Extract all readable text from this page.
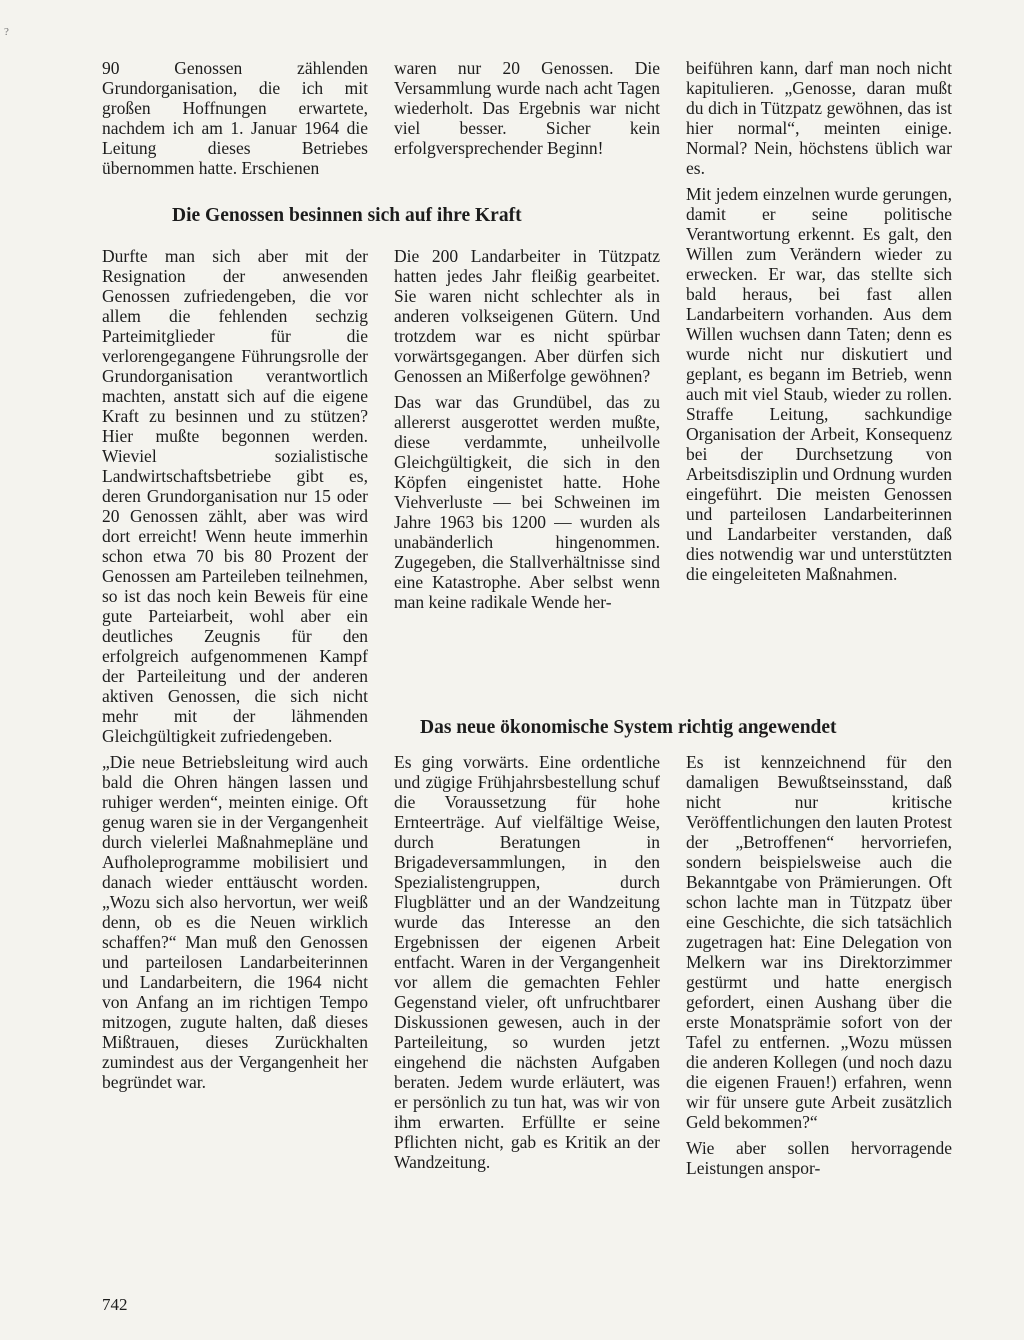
?

90 Genossen zählenden Grundorganisation, die ich mit großen Hoffnungen erwartete, nachdem ich am 1. Januar 1964 die Leitung dieses Betriebes übernommen hatte. Erschienen

waren nur 20 Genossen. Die Versammlung wurde nach acht Tagen wiederholt. Das Ergebnis war nicht viel besser. Sicher kein erfolgversprechender Beginn!

Die Genossen besinnen sich auf ihre Kraft

Durfte man sich aber mit der Resignation der anwesenden Genossen zufriedengeben, die vor allem die fehlenden sechzig Parteimitglieder für die verlorengegangene Führungsrolle der Grundorganisation verantwortlich machten, anstatt sich auf die eigene Kraft zu besinnen und zu stützen? Hier mußte begonnen werden. Wieviel sozialistische Landwirtschaftsbetriebe gibt es, deren Grundorganisation nur 15 oder 20 Genossen zählt, aber was wird dort erreicht! Wenn heute immerhin schon etwa 70 bis 80 Prozent der Genossen am Parteileben teilnehmen, so ist das noch kein Beweis für eine gute Parteiarbeit, wohl aber ein deutliches Zeugnis für den erfolgreich aufgenommenen Kampf der Parteileitung und der anderen aktiven Genossen, die sich nicht mehr mit der lähmenden Gleichgültigkeit zufriedengeben.

„Die neue Betriebsleitung wird auch bald die Ohren hängen lassen und ruhiger werden“, meinten einige. Oft genug waren sie in der Vergangenheit durch vielerlei Maßnahmepläne und Aufholeprogramme mobilisiert und danach wieder enttäuscht worden. „Wozu sich also hervortun, wer weiß denn, ob es die Neuen wirklich schaffen?“ Man muß den Genossen und parteilosen Landarbeiterinnen und Landarbeitern, die 1964 nicht von Anfang an im richtigen Tempo mitzogen, zugute halten, daß dieses Mißtrauen, dieses Zurückhalten zumindest aus der Vergangenheit her begründet war.

Die 200 Landarbeiter in Tützpatz hatten jedes Jahr fleißig gearbeitet. Sie waren nicht schlechter als in anderen volkseigenen Gütern. Und trotzdem war es nicht spürbar vorwärtsgegangen. Aber dürfen sich Genossen an Mißerfolge gewöhnen?

Das war das Grundübel, das zu allererst ausgerottet werden mußte, diese verdammte, unheilvolle Gleichgültigkeit, die sich in den Köpfen eingenistet hatte. Hohe Viehverluste — bei Schweinen im Jahre 1963 bis 1200 — wurden als unabänderlich hingenommen. Zugegeben, die Stallverhältnisse sind eine Katastrophe. Aber selbst wenn man keine radikale Wende her-

beiführen kann, darf man noch nicht kapitulieren. „Genosse, daran mußt du dich in Tützpatz gewöhnen, das ist hier normal“, meinten einige. Normal? Nein, höchstens üblich war es.

Mit jedem einzelnen wurde gerungen, damit er seine politische Verantwortung erkennt. Es galt, den Willen zum Verändern wieder zu erwecken. Er war, das stellte sich bald heraus, bei fast allen Landarbeitern vorhanden. Aus dem Willen wuchsen dann Taten; denn es wurde nicht nur diskutiert und geplant, es begann im Betrieb, wenn auch mit viel Staub, wieder zu rollen. Straffe Leitung, sachkundige Organisation der Arbeit, Konsequenz bei der Durchsetzung von Arbeitsdisziplin und Ordnung wurden eingeführt. Die meisten Genossen und parteilosen Landarbeiterinnen und Landarbeiter verstanden, daß dies notwendig war und unterstützten die eingeleiteten Maßnahmen.

Das neue ökonomische System richtig angewendet

Es ging vorwärts. Eine ordentliche und zügige Frühjahrsbestellung schuf die Voraussetzung für hohe Ernteerträge. Auf vielfältige Weise, durch Beratungen in Brigadeversammlungen, in den Spezialistengruppen, durch Flugblätter und an der Wandzeitung wurde das Interesse an den Ergebnissen der eigenen Arbeit entfacht. Waren in der Vergangenheit vor allem die gemachten Fehler Gegenstand vieler, oft unfruchtbarer Diskussionen gewesen, auch in der Parteileitung, so wurden jetzt eingehend die nächsten Aufgaben beraten. Jedem wurde erläutert, was er persönlich zu tun hat, was wir von ihm erwarten. Erfüllte er seine Pflichten nicht, gab es Kritik an der Wandzeitung.

Es ist kennzeichnend für den damaligen Bewußtseinsstand, daß nicht nur kritische Veröffentlichungen den lauten Protest der „Betroffenen“ hervorriefen, sondern beispielsweise auch die Bekanntgabe von Prämierungen. Oft schon lachte man in Tützpatz über eine Geschichte, die sich tatsächlich zugetragen hat: Eine Delegation von Melkern war ins Direktorzimmer gestürmt und hatte energisch gefordert, einen Aushang über die erste Monatsprämie sofort von der Tafel zu entfernen. „Wozu müssen die anderen Kollegen (und noch dazu die eigenen Frauen!) erfahren, wenn wir für unsere gute Arbeit zusätzlich Geld bekommen?“

Wie aber sollen hervorragende Leistungen anspor-

742
